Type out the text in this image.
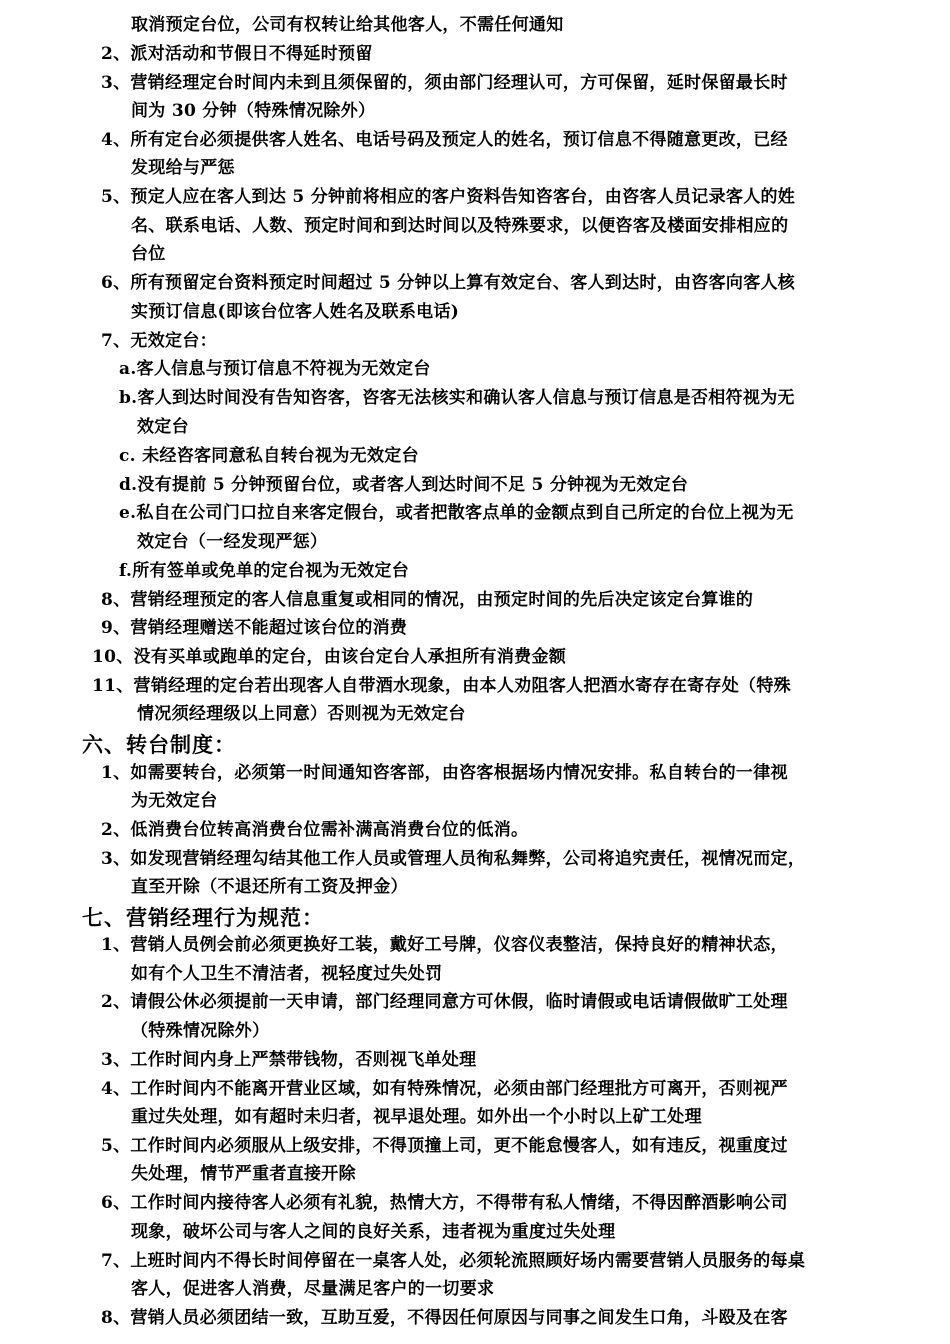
取消预定台位，公司有权转让给其他客人，不需任何通知
2、派对活动和节假日不得延时预留
3、营销经理定台时间内未到且须保留的，须由部门经理认可，方可保留，延时保留最长时
间为 30 分钟（特殊情况除外）
4、所有定台必须提供客人姓名、电话号码及预定人的姓名，预订信息不得随意更改，已经
发现给与严惩
5、预定人应在客人到达 5 分钟前将相应的客户资料告知咨客台，由咨客人员记录客人的姓
名、联系电话、人数、预定时间和到达时间以及特殊要求，以便咨客及楼面安排相应的
台位
6、所有预留定台资料预定时间超过 5 分钟以上算有效定台、客人到达时，由咨客向客人核
实预订信息(即该台位客人姓名及联系电话)
7、无效定台：
a.客人信息与预订信息不符视为无效定台
b.客人到达时间没有告知咨客，咨客无法核实和确认客人信息与预订信息是否相符视为无
效定台
c. 未经咨客同意私自转台视为无效定台
d.没有提前 5 分钟预留台位，或者客人到达时间不足 5 分钟视为无效定台
e.私自在公司门口拉自来客定假台，或者把散客点单的金额点到自己所定的台位上视为无
效定台（一经发现严惩）
f.所有签单或免单的定台视为无效定台
8、营销经理预定的客人信息重复或相同的情况，由预定时间的先后决定该定台算谁的
9、营销经理赠送不能超过该台位的消费
10、没有买单或跑单的定台，由该台定台人承担所有消费金额
11、营销经理的定台若出现客人自带酒水现象，由本人劝阻客人把酒水寄存在寄存处（特殊
情况须经理级以上同意）否则视为无效定台
六、转台制度：
1、如需要转台，必须第一时间通知咨客部，由咨客根据场内情况安排。私自转台的一律视
为无效定台
2、低消费台位转高消费台位需补满高消费台位的低消。
3、如发现营销经理勾结其他工作人员或管理人员徇私舞弊，公司将追究责任，视情况而定，
直至开除（不退还所有工资及押金）
七、营销经理行为规范：
1、营销人员例会前必须更换好工装，戴好工号牌，仪容仪表整洁，保持良好的精神状态，
如有个人卫生不清洁者，视轻度过失处罚
2、请假公休必须提前一天申请，部门经理同意方可休假，临时请假或电话请假做旷工处理
（特殊情况除外）
3、工作时间内身上严禁带钱物，否则视飞单处理
4、工作时间内不能离开营业区域，如有特殊情况，必须由部门经理批方可离开，否则视严
重过失处理，如有超时未归者，视早退处理。如外出一个小时以上矿工处理
5、工作时间内必须服从上级安排，不得顶撞上司，更不能怠慢客人，如有违反，视重度过
失处理，情节严重者直接开除
6、工作时间内接待客人必须有礼貌，热情大方，不得带有私人情绪，不得因醉酒影响公司
现象，破坏公司与客人之间的良好关系，违者视为重度过失处理
7、上班时间内不得长时间停留在一桌客人处，必须轮流照顾好场内需要营销人员服务的每桌
客人，促进客人消费，尽量满足客户的一切要求
8、营销人员必须团结一致，互助互爱，不得因任何原因与同事之间发生口角，斗殴及在客
